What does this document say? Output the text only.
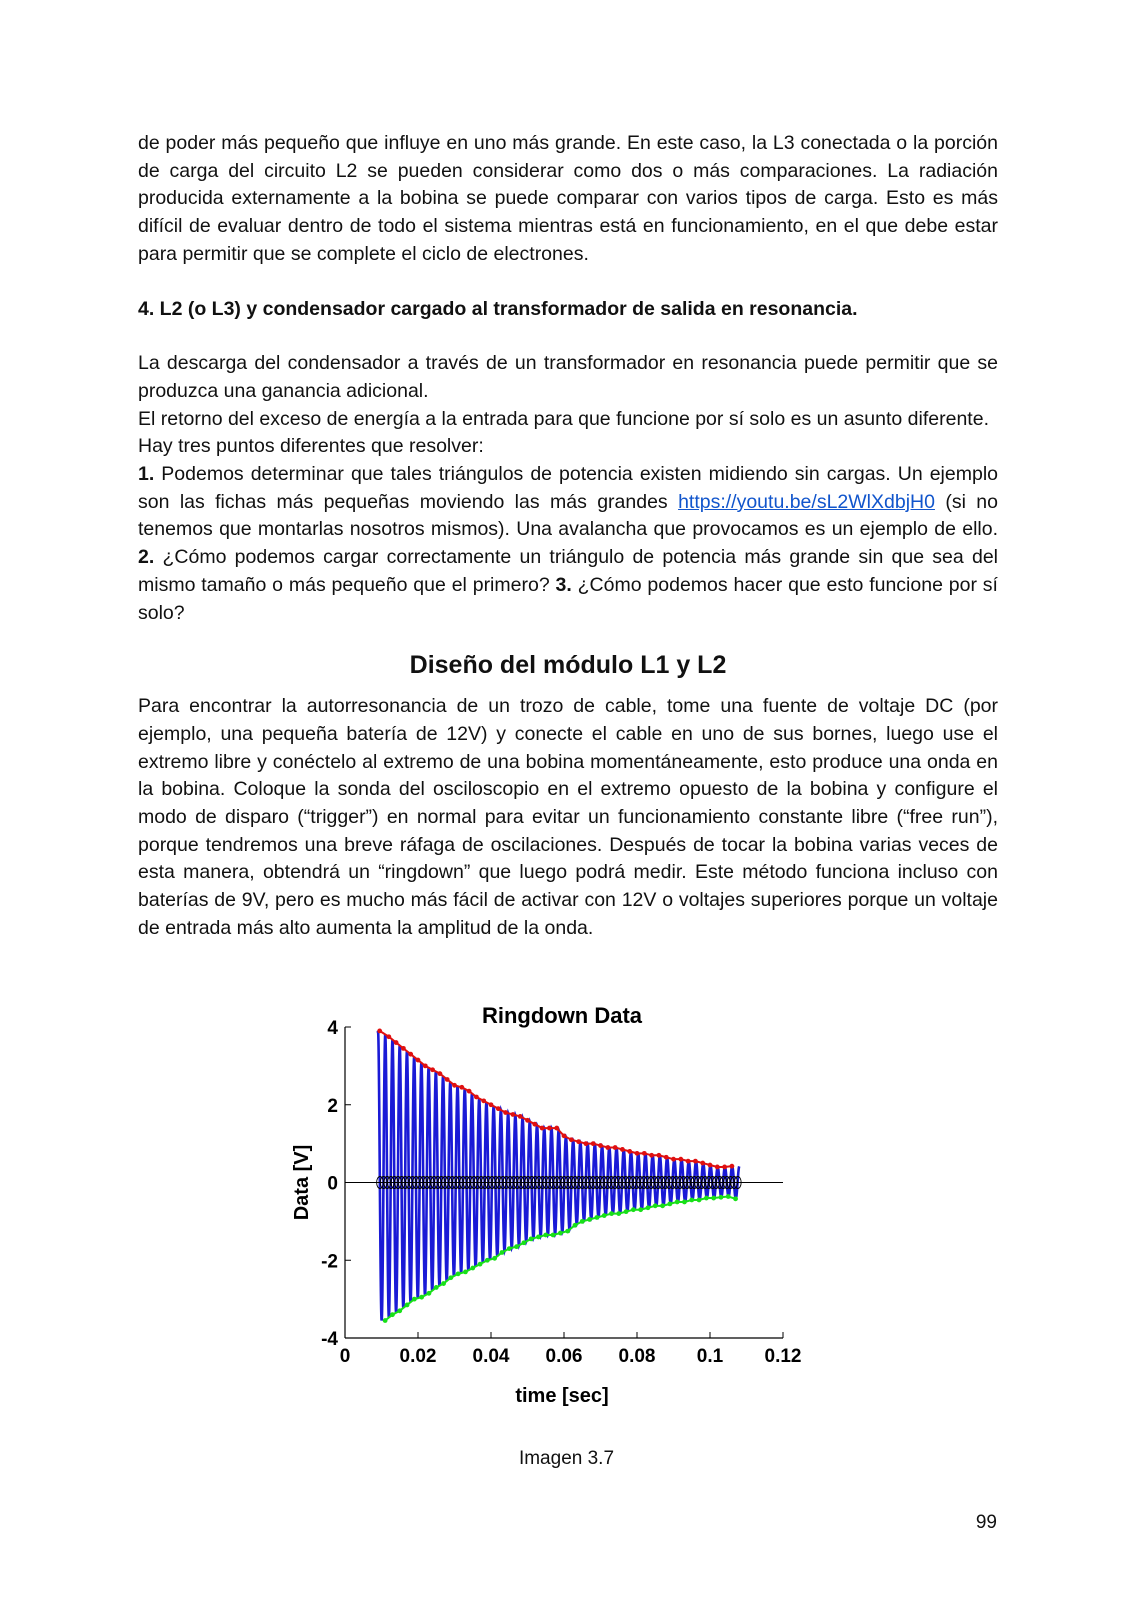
de poder más pequeño que influye en uno más grande. En este caso, la L3 conectada o la porción de carga del circuito L2 se pueden considerar como dos o más comparaciones. La radiación producida externamente a la bobina se puede comparar con varios tipos de carga. Esto es más difícil de evaluar dentro de todo el sistema mientras está en funcionamiento, en el que debe estar para permitir que se complete el ciclo de electrones.

4. L2 (o L3) y condensador cargado al transformador de salida en resonancia.

La descarga del condensador a través de un transformador en resonancia puede permitir que se produzca una ganancia adicional.

El retorno del exceso de energía a la entrada para que funcione por sí solo es un asunto diferente.

Hay tres puntos diferentes que resolver:

1. Podemos determinar que tales triángulos de potencia existen midiendo sin cargas. Un ejemplo son las fichas más pequeñas moviendo las más grandes https://youtu.be/sL2WlXdbjH0 (si no tenemos que montarlas nosotros mismos). Una avalancha que provocamos es un ejemplo de ello. 2. ¿Cómo podemos cargar correctamente un triángulo de potencia más grande sin que sea del mismo tamaño o más pequeño que el primero? 3. ¿Cómo podemos hacer que esto funcione por sí solo?

Diseño del módulo L1 y L2

Para encontrar la autorresonancia de un trozo de cable, tome una fuente de voltaje DC (por ejemplo, una pequeña batería de 12V) y conecte el cable en uno de sus bornes, luego use el extremo libre y conéctelo al extremo de una bobina momentáneamente, esto produce una onda en la bobina. Coloque la sonda del osciloscopio en el extremo opuesto de la bobina y configure el modo de disparo (“trigger”) en normal para evitar un funcionamiento constante libre (“free run”), porque tendremos una breve ráfaga de oscilaciones. Después de tocar la bobina varias veces de esta manera, obtendrá un “ringdown” que luego podrá medir. Este método funciona incluso con baterías de 9V, pero es mucho más fácil de activar con 12V o voltajes superiores porque un voltaje de entrada más alto aumenta la amplitud de la onda.

0	0.02 0.04 0.06 0.08 0.1 0.12
-4
-2
0
2
4
Ringdown Data
time [sec]
Data [V]
Imagen 3.7
99
